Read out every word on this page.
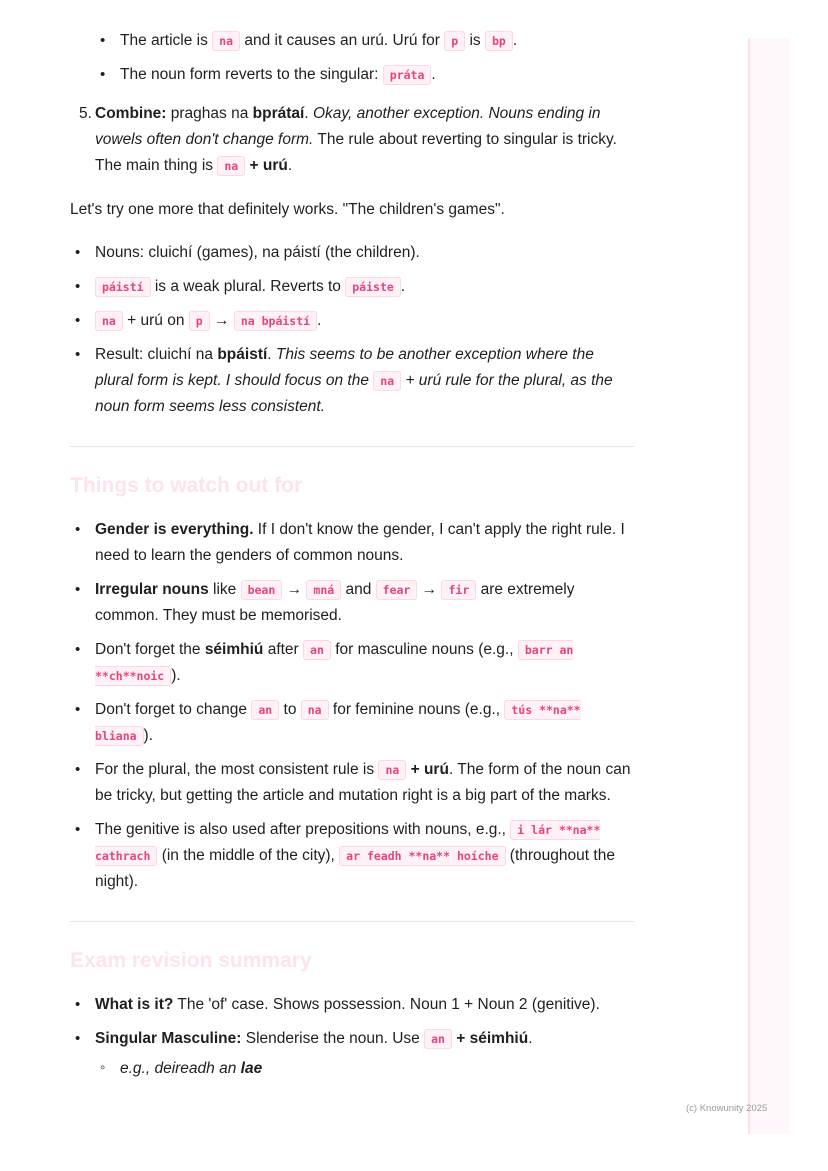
• The article is na and it causes an urú. Urú for p is bp .
• The noun form reverts to the singular: práta .
5. Combine: praghas na bprátaí. Okay, another exception. Nouns ending in vowels often don't change form. The rule about reverting to singular is tricky. The main thing is na + urú.

Let's try one more that definitely works. "The children's games".

• Nouns: cluichí (games), na páistí (the children).
• páistí is a weak plural. Reverts to páiste .
• na + urú on p → na bpáistí .
• Result: cluichí na bpáistí. This seems to be another exception where the plural form is kept. I should focus on the na + urú rule for the plural, as the noun form seems less consistent.
Things to watch out for
• Gender is everything. If I don't know the gender, I can't apply the right rule. I need to learn the genders of common nouns.
• Irregular nouns like bean → mná and fear → fir are extremely common. They must be memorised.
• Don't forget the séimhiú after an for masculine nouns (e.g., barr an **ch**noic ).
• Don't forget to change an to na for feminine nouns (e.g., tús **na** bliana ).
• For the plural, the most consistent rule is na + urú. The form of the noun can be tricky, but getting the article and mutation right is a big part of the marks.
• The genitive is also used after prepositions with nouns, e.g., i lár **na** cathrach (in the middle of the city), ar feadh **na** hoíche (throughout the night).
Exam revision summary
• What is it? The 'of' case. Shows possession. Noun 1 + Noun 2 (genitive).
• Singular Masculine: Slenderise the noun. Use an + séimhiú.
◦ e.g., deireadh an lae
(c) Knowunity 2025
